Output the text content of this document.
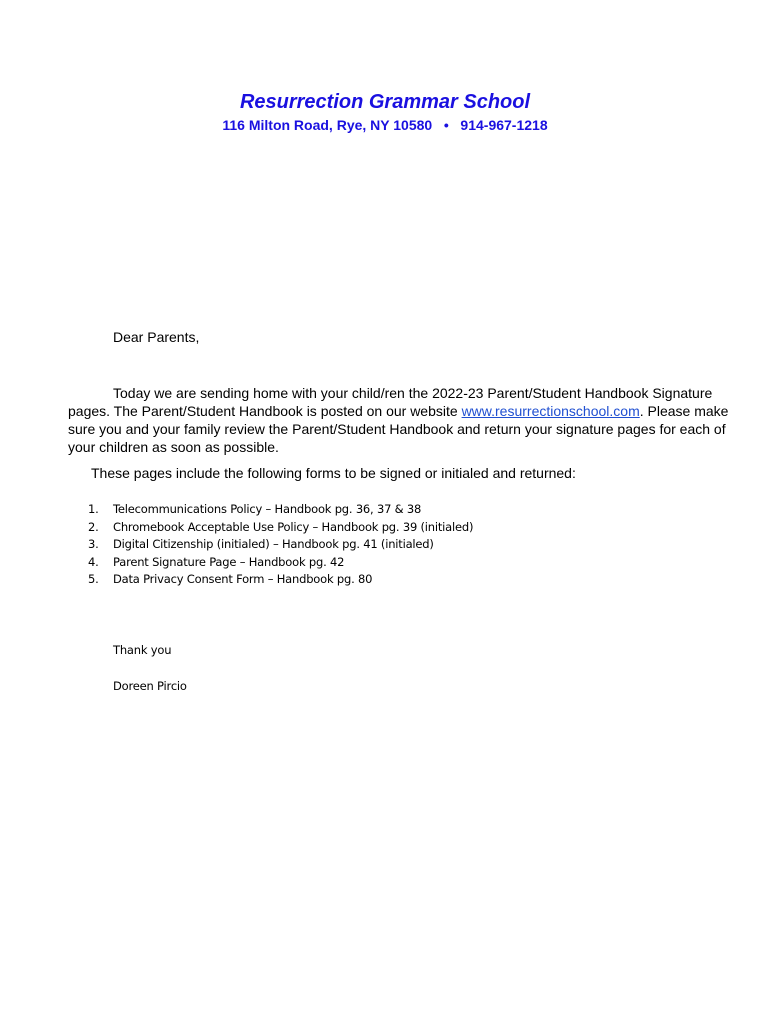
Resurrection Grammar School
116 Milton Road, Rye, NY 10580   •   914-967-1218
Dear Parents,

Today we are sending home with your child/ren the 2022-23 Parent/Student Handbook Signature pages. The Parent/Student Handbook is posted on our website www.resurrectionschool.com. Please make sure you and your family review the Parent/Student Handbook and return your signature pages for each of your children as soon as possible.

These pages include the following forms to be signed or initialed and returned:
1.	Telecommunications Policy – Handbook pg. 36, 37 & 38
2.	Chromebook Acceptable Use Policy – Handbook pg. 39 (initialed)
3.	Digital Citizenship (initialed) – Handbook pg. 41 (initialed)
4.	Parent Signature Page – Handbook pg. 42
5.	Data Privacy Consent Form – Handbook pg. 80
Thank you
Doreen Pircio
